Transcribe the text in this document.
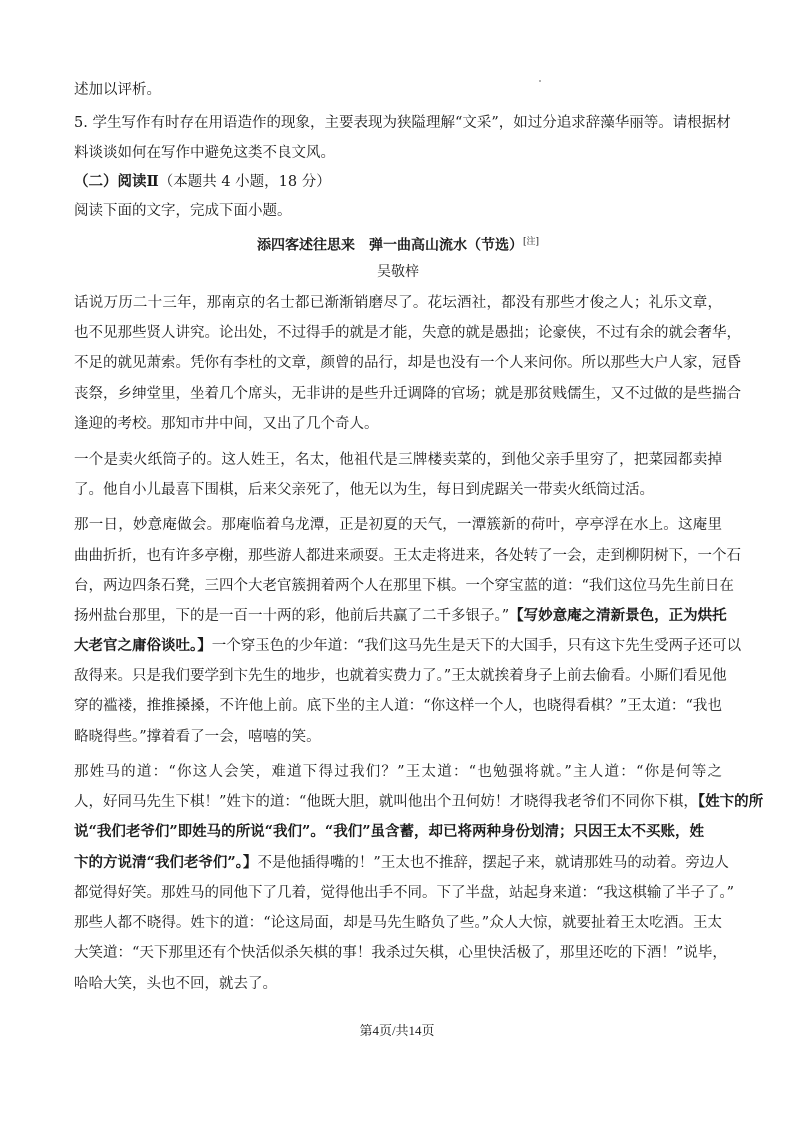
述加以评析。
5. 学生写作有时存在用语造作的现象，主要表现为狭隘理解“文采”，如过分追求辞藻华丽等。请根据材
料谈谈如何在写作中避免这类不良文风。
（二）阅读Ⅱ（本题共 4 小题，18 分）
阅读下面的文字，完成下面小题。
添四客述往思来　弹一曲高山流水（节选）[注]
吴敬梓
话说万历二十三年，那南京的名士都已渐渐销磨尽了。花坛酒社，都没有那些才俊之人；礼乐文章，
也不见那些贤人讲究。论出处，不过得手的就是才能，失意的就是愚拙；论豪侠，不过有余的就会奢华，
不足的就见萧索。凭你有李杜的文章，颜曾的品行，却是也没有一个人来问你。所以那些大户人家，冠昏
丧祭，乡绅堂里，坐着几个席头，无非讲的是些升迁调降的官场；就是那贫贱儒生，又不过做的是些揣合
逢迎的考校。那知市井中间，又出了几个奇人。
一个是卖火纸筒子的。这人姓王，名太，他祖代是三牌楼卖菜的，到他父亲手里穷了，把菜园都卖掉
了。他自小儿最喜下围棋，后来父亲死了，他无以为生，每日到虎踞关一带卖火纸筒过活。
那一日，妙意庵做会。那庵临着乌龙潭，正是初夏的天气，一潭簇新的荷叶，亭亭浮在水上。这庵里
曲曲折折，也有许多亭榭，那些游人都进来顽耍。王太走将进来，各处转了一会，走到柳阴树下，一个石
台，两边四条石凳，三四个大老官簇拥着两个人在那里下棋。一个穿宝蓝的道：“我们这位马先生前日在
扬州盐台那里，下的是一百一十两的彩，他前后共赢了二千多银子。”【写妙意庵之清新景色，正为烘托
大老官之庸俗谈吐。】一个穿玉色的少年道：“我们这马先生是天下的大国手，只有这卞先生受两子还可以
敌得来。只是我们要学到卞先生的地步，也就着实费力了。”王太就挨着身子上前去偷看。小厮们看见他
穿的褴褛，推推搡搡，不许他上前。底下坐的主人道：“你这样一个人，也晓得看棋？”王太道：“我也
略晓得些。”撑着看了一会，嘻嘻的笑。
那姓马的道：“你这人会笑，难道下得过我们？”王太道：“也勉强将就。”主人道：“你是何等之
人，好同马先生下棋！”姓卞的道：“他既大胆，就叫他出个丑何妨！才晓得我老爷们不同你下棋，【姓卞的所
说“我们老爷们”即姓马的所说“我们”。“我们”虽含蓄，却已将两种身份划清；只因王太不买账，姓
卞的方说清“我们老爷们”。】不是他插得嘴的！”王太也不推辞，摆起子来，就请那姓马的动着。旁边人
都觉得好笑。那姓马的同他下了几着，觉得他出手不同。下了半盘，站起身来道：“我这棋输了半子了。”
那些人都不晓得。姓卞的道：“论这局面，却是马先生略负了些。”众人大惊，就要扯着王太吃酒。王太
大笑道：“天下那里还有个快活似杀矢棋的事！我杀过矢棋，心里快活极了，那里还吃的下酒！”说毕，
哈哈大笑，头也不回，就去了。
第4页/共14页
